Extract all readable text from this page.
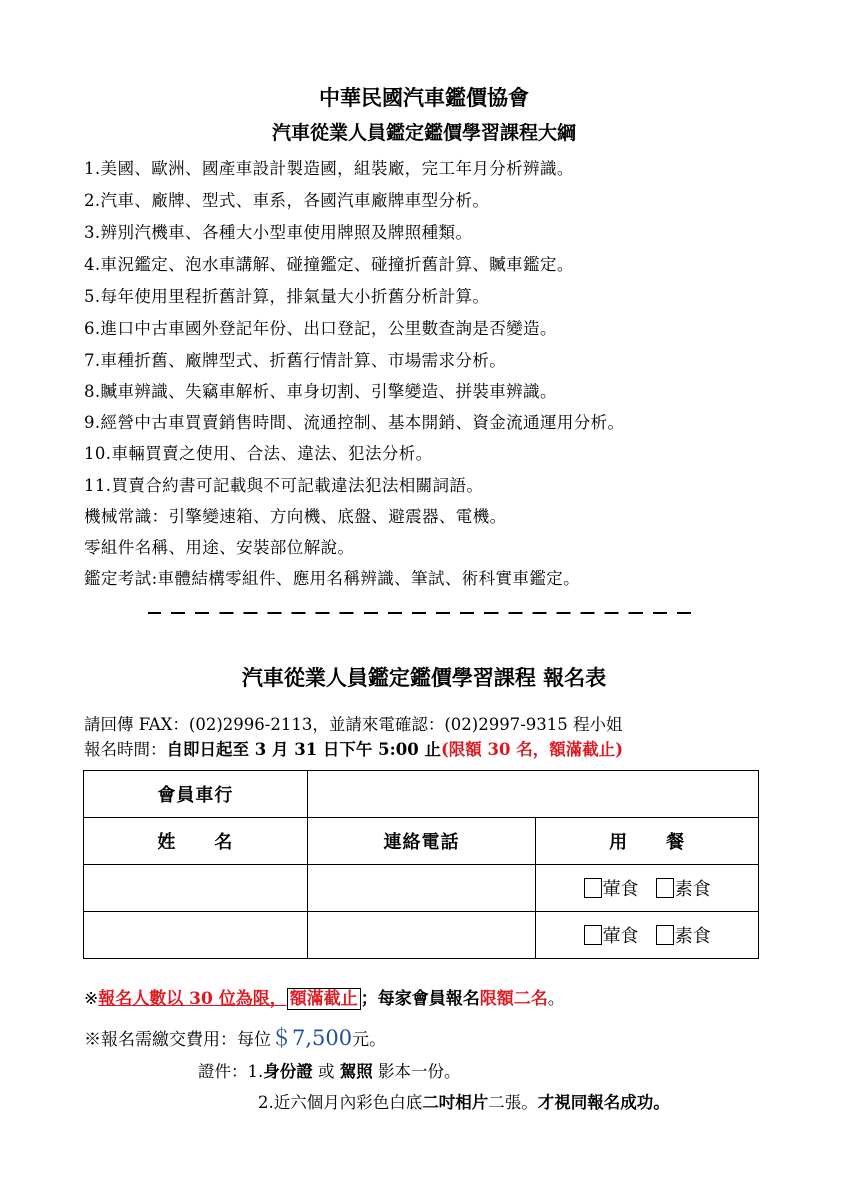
中華民國汽車鑑價協會
汽車從業人員鑑定鑑價學習課程大綱
1.美國、歐洲、國產車設計製造國，組裝廠，完工年月分析辨識。
2.汽車、廠牌、型式、車系，各國汽車廠牌車型分析。
3.辨別汽機車、各種大小型車使用牌照及牌照種類。
4.車況鑑定、泡水車講解、碰撞鑑定、碰撞折舊計算、贓車鑑定。
5.每年使用里程折舊計算，排氣量大小折舊分析計算。
6.進口中古車國外登記年份、出口登記，公里數查詢是否變造。
7.車種折舊、廠牌型式、折舊行情計算、市場需求分析。
8.贓車辨識、失竊車解析、車身切割、引擎變造、拼裝車辨識。
9.經營中古車買賣銷售時間、流通控制、基本開銷、資金流通運用分析。
10.車輛買賣之使用、合法、違法、犯法分析。
11.買賣合約書可記載與不可記載違法犯法相關詞語。
機械常識：引擎變速箱、方向機、底盤、避震器、電機。
零組件名稱、用途、安裝部位解說。
鑑定考試:車體結構零組件、應用名稱辨識、筆試、術科實車鑑定。
汽車從業人員鑑定鑑價學習課程 報名表
請回傳 FAX：(02)2996-2113，並請來電確認：(02)2997-9315 程小姐
報名時間：自即日起至 3 月 31 日下午 5:00 止(限額 30 名，額滿截止)
會員車行		
姓　　名	連絡電話	用　　餐
		葷食 素食
		葷食 素食
※報名人數以 30 位為限， 額滿截止 ；每家會員報名限額二名。
※報名需繳交費用：每位＄7,500元。
證件：1.身份證 或 駕照 影本一份。
2.近六個月內彩色白底二吋相片二張。才視同報名成功。
